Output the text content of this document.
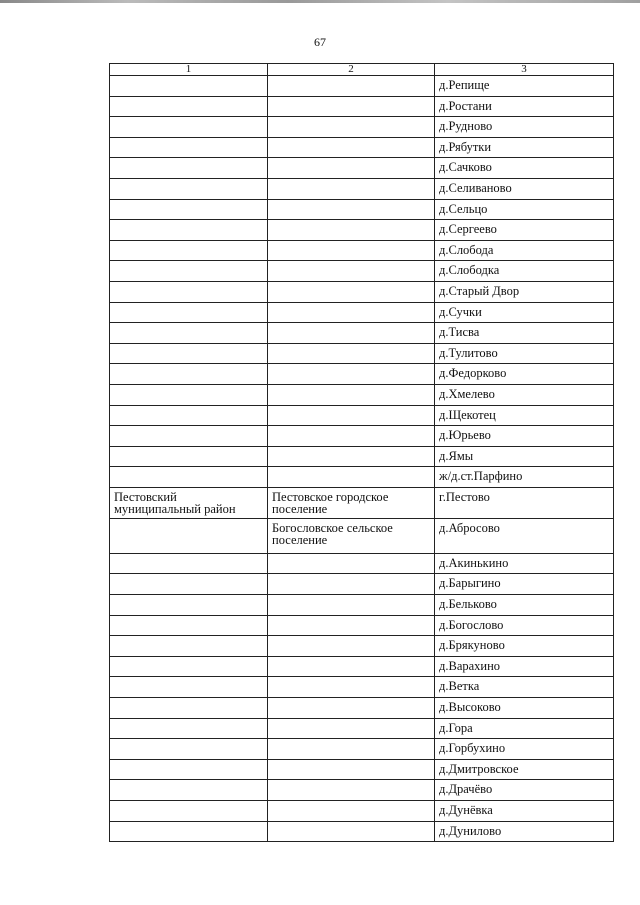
67
1	2	3
		д.Репище
		д.Ростани
		д.Рудново
		д.Рябутки
		д.Сачково
		д.Селиваново
		д.Сельцо
		д.Сергеево
		д.Слобода
		д.Слободка
		д.Старый Двор
		д.Сучки
		д.Тисва
		д.Тулитово
		д.Федорково
		д.Хмелево
		д.Щекотец
		д.Юрьево
		д.Ямы
		ж/д.ст.Парфино
Пестовский муниципальный район	Пестовское городское поселение	г.Пестово
	Богословское сельское поселение	д.Абросово
		д.Акинькино
		д.Барыгино
		д.Бельково
		д.Богослово
		д.Брякуново
		д.Варахино
		д.Ветка
		д.Высоково
		д.Гора
		д.Горбухино
		д.Дмитровское
		д.Драчёво
		д.Дунёвка
		д.Дунилово
